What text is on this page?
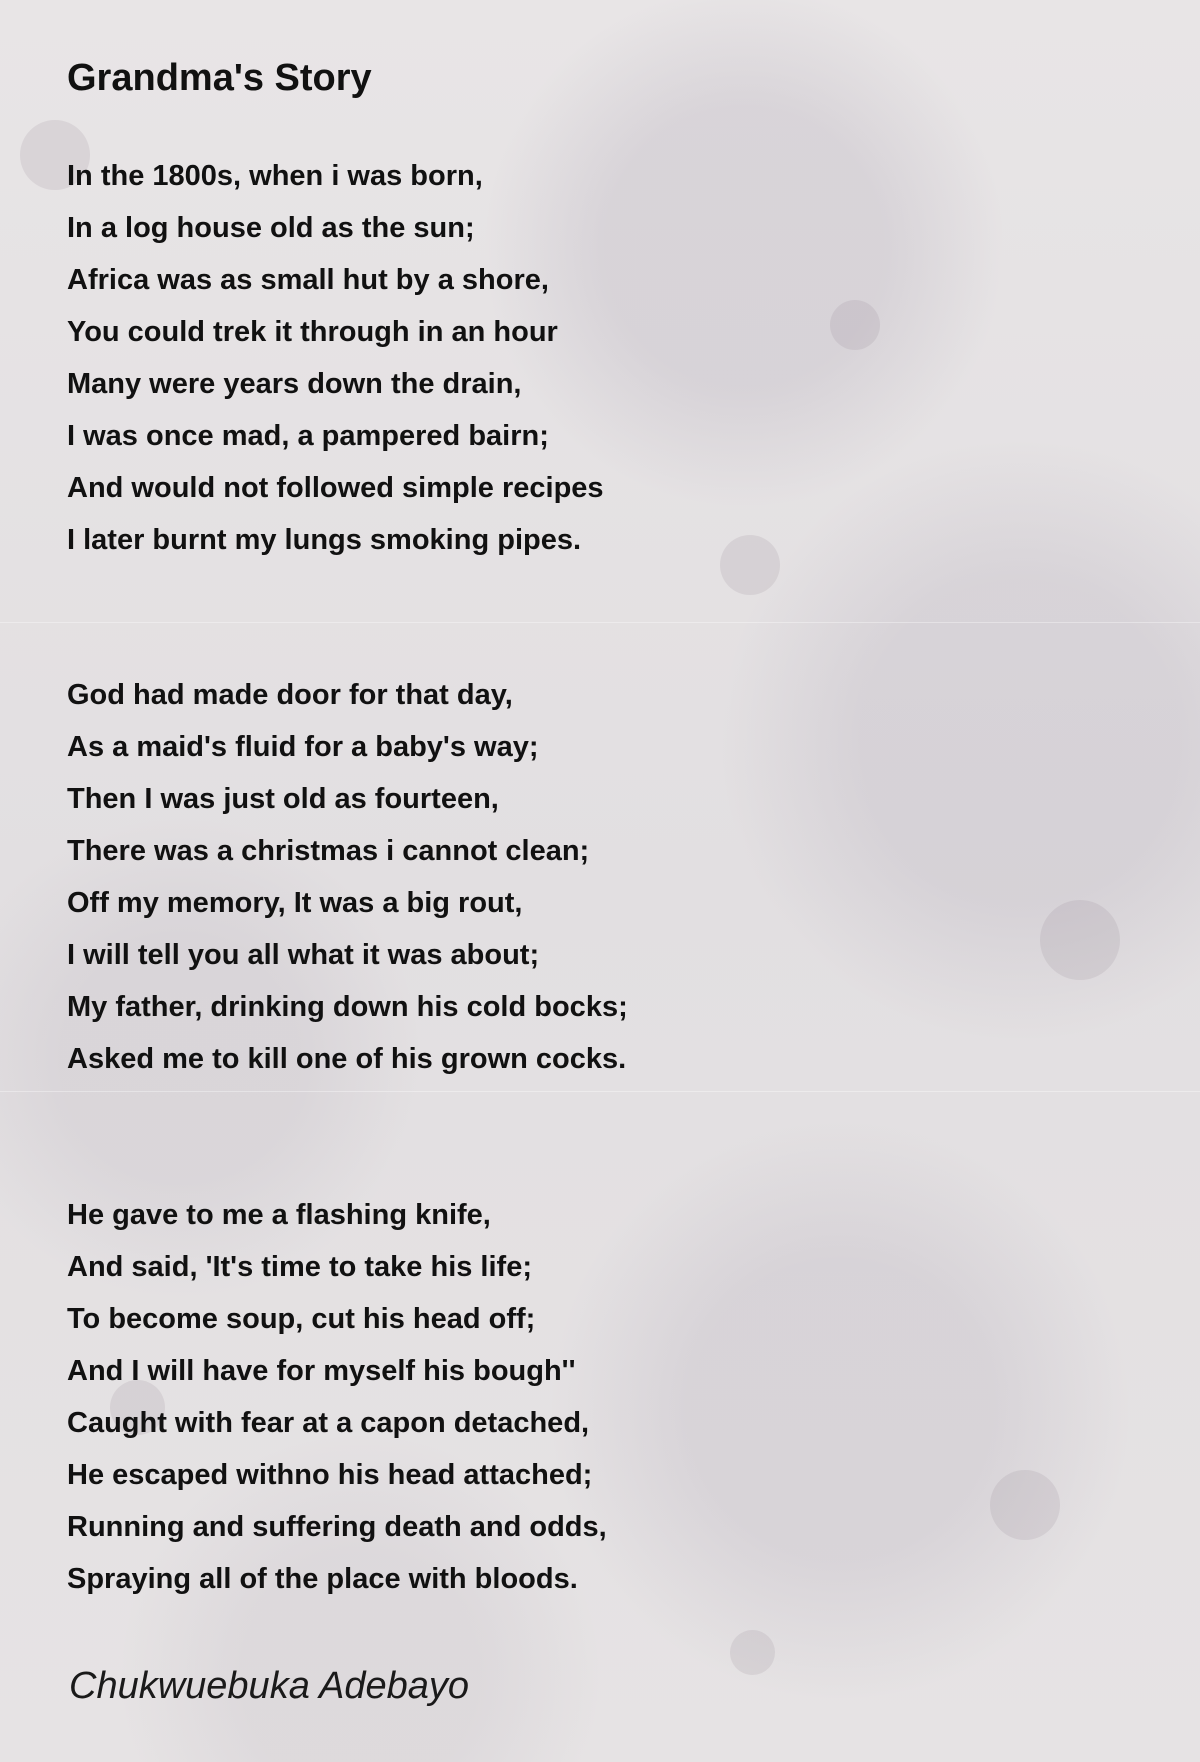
Grandma's Story
In the 1800s, when i was born,
In a log house old as the sun;
Africa was as small hut by a shore,
You could trek it through in an hour
Many were years down the drain,
I was once mad, a pampered bairn;
And would not followed simple recipes
I later burnt my lungs smoking pipes.
God had made door for that day,
As a maid's fluid for a baby's way;
Then I was just old as fourteen,
There was a christmas i cannot clean;
Off my memory, It was a big rout,
I will tell you all what it was about;
My father, drinking down his cold bocks;
Asked me to kill one of his grown cocks.
He gave to me a flashing knife,
And said, 'It's time to take his life;
To become soup, cut his head off;
And I will have for myself his bough''
Caught with fear at a capon detached,
He escaped withno his head attached;
Running and suffering death and odds,
Spraying all of the place with bloods.
Chukwuebuka Adebayo
